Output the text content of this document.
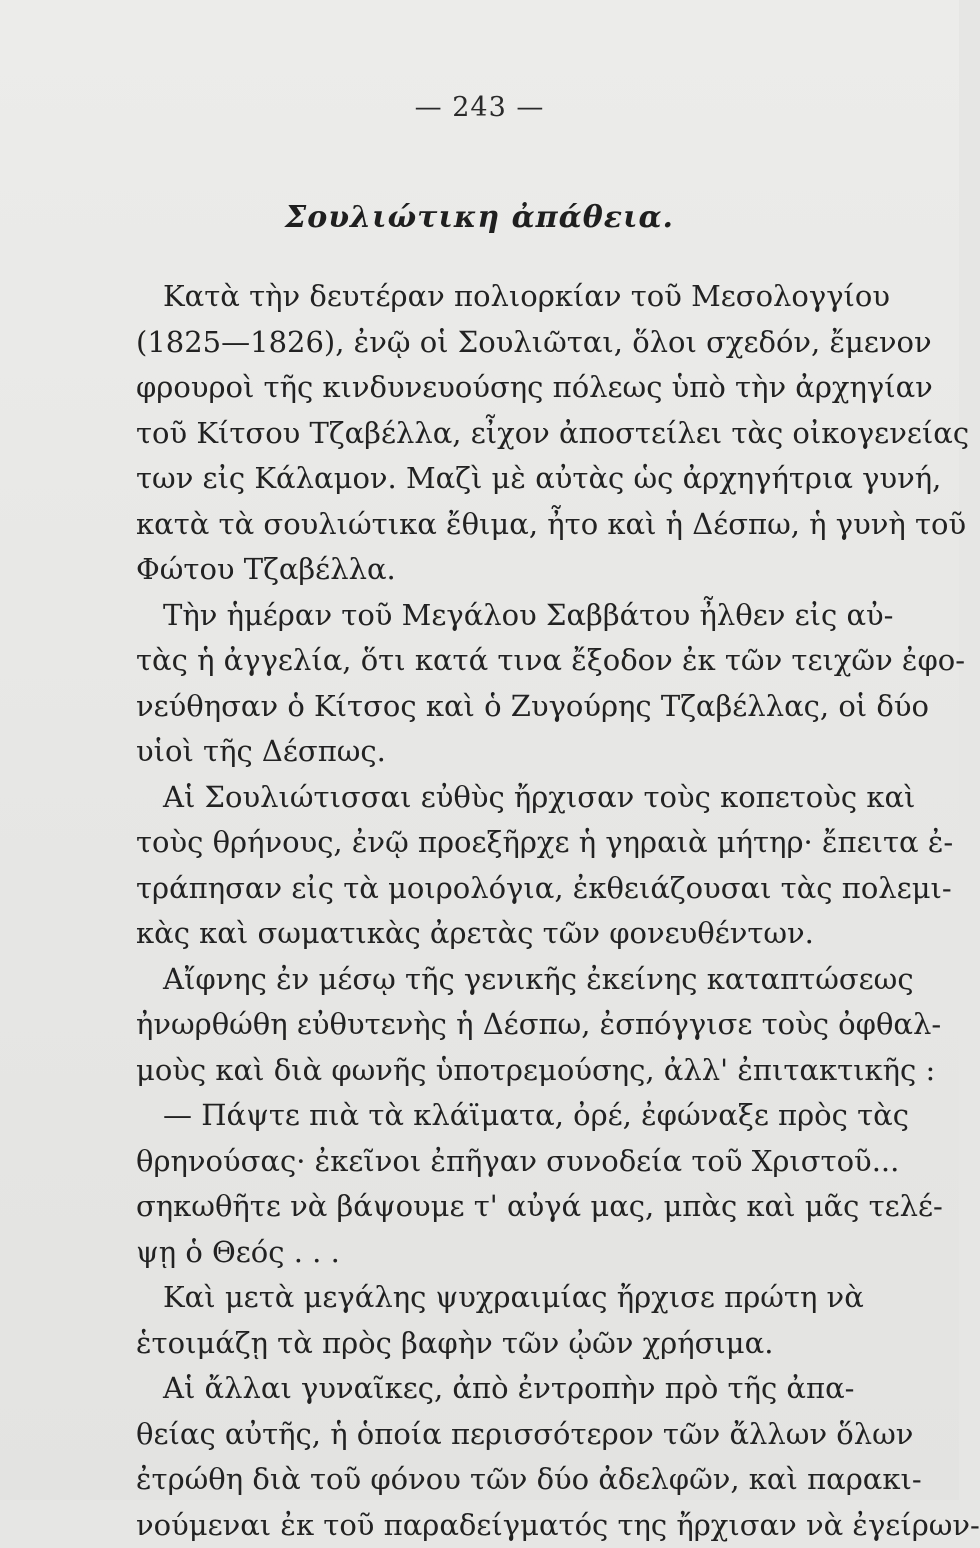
— 243 —
Σουλιώτικη ἀπάθεια.
Κατὰ τὴν δευτέραν πολιορκίαν τοῦ Μεσολογγίου
(1825—1826), ἐνῷ οἱ Σουλιῶται, ὅλοι σχεδόν, ἔμενον
φρουροὶ τῆς κινδυνευούσης πόλεως ὑπὸ τὴν ἀρχηγίαν
τοῦ Κίτσου Τζαβέλλα, εἶχον ἀποστείλει τὰς οἰκογενείας
των εἰς Κάλαμον. Μαζὶ μὲ αὐτὰς ὡς ἀρχηγήτρια γυνή,
κατὰ τὰ σουλιώτικα ἔθιμα, ἦτο καὶ ἡ Δέσπω, ἡ γυνὴ τοῦ
Φώτου Τζαβέλλα.
Τὴν ἡμέραν τοῦ Μεγάλου Σαββάτου ἦλθεν εἰς αὐ-
τὰς ἡ ἀγγελία, ὅτι κατά τινα ἔξοδον ἐκ τῶν τειχῶν ἐφο-
νεύθησαν ὁ Κίτσος καὶ ὁ Ζυγούρης Τζαβέλλας, οἱ δύο
υἱοὶ τῆς Δέσπως.
Αἱ Σουλιώτισσαι εὐθὺς ἤρχισαν τοὺς κοπετοὺς καὶ
τοὺς θρήνους, ἐνῷ προεξῆρχε ἡ γηραιὰ μήτηρ· ἔπειτα ἐ-
τράπησαν εἰς τὰ μοιρολόγια, ἐκθειάζουσαι τὰς πολεμι-
κὰς καὶ σωματικὰς ἀρετὰς τῶν φονευθέντων.
Αἴφνης ἐν μέσῳ τῆς γενικῆς ἐκείνης καταπτώσεως
ἠνωρθώθη εὐθυτενὴς ἡ Δέσπω, ἐσπόγγισε τοὺς ὀφθαλ-
μοὺς καὶ διὰ φωνῆς ὑποτρεμούσης, ἀλλ' ἐπιτακτικῆς :
— Πάψτε πιὰ τὰ κλάϊματα, ὀρέ, ἐφώναξε πρὸς τὰς
θρηνούσας· ἐκεῖνοι ἐπῆγαν συνοδεία τοῦ Χριστοῦ...
σηκωθῆτε νὰ βάψουμε τ' αὐγά μας, μπὰς καὶ μᾶς τελέ-
ψῃ ὁ Θεός . . .
Καὶ μετὰ μεγάλης ψυχραιμίας ἤρχισε πρώτη νὰ
ἑτοιμάζῃ τὰ πρὸς βαφὴν τῶν ᾠῶν χρήσιμα.
Αἱ ἄλλαι γυναῖκες, ἀπὸ ἐντροπὴν πρὸ τῆς ἀπα-
θείας αὐτῆς, ἡ ὁποία περισσότερον τῶν ἄλλων ὅλων
ἐτρώθη διὰ τοῦ φόνου τῶν δύο ἀδελφῶν, καὶ παρακι-
νούμεναι ἐκ τοῦ παραδείγματός της ἤρχισαν νὰ ἐγείρων-
